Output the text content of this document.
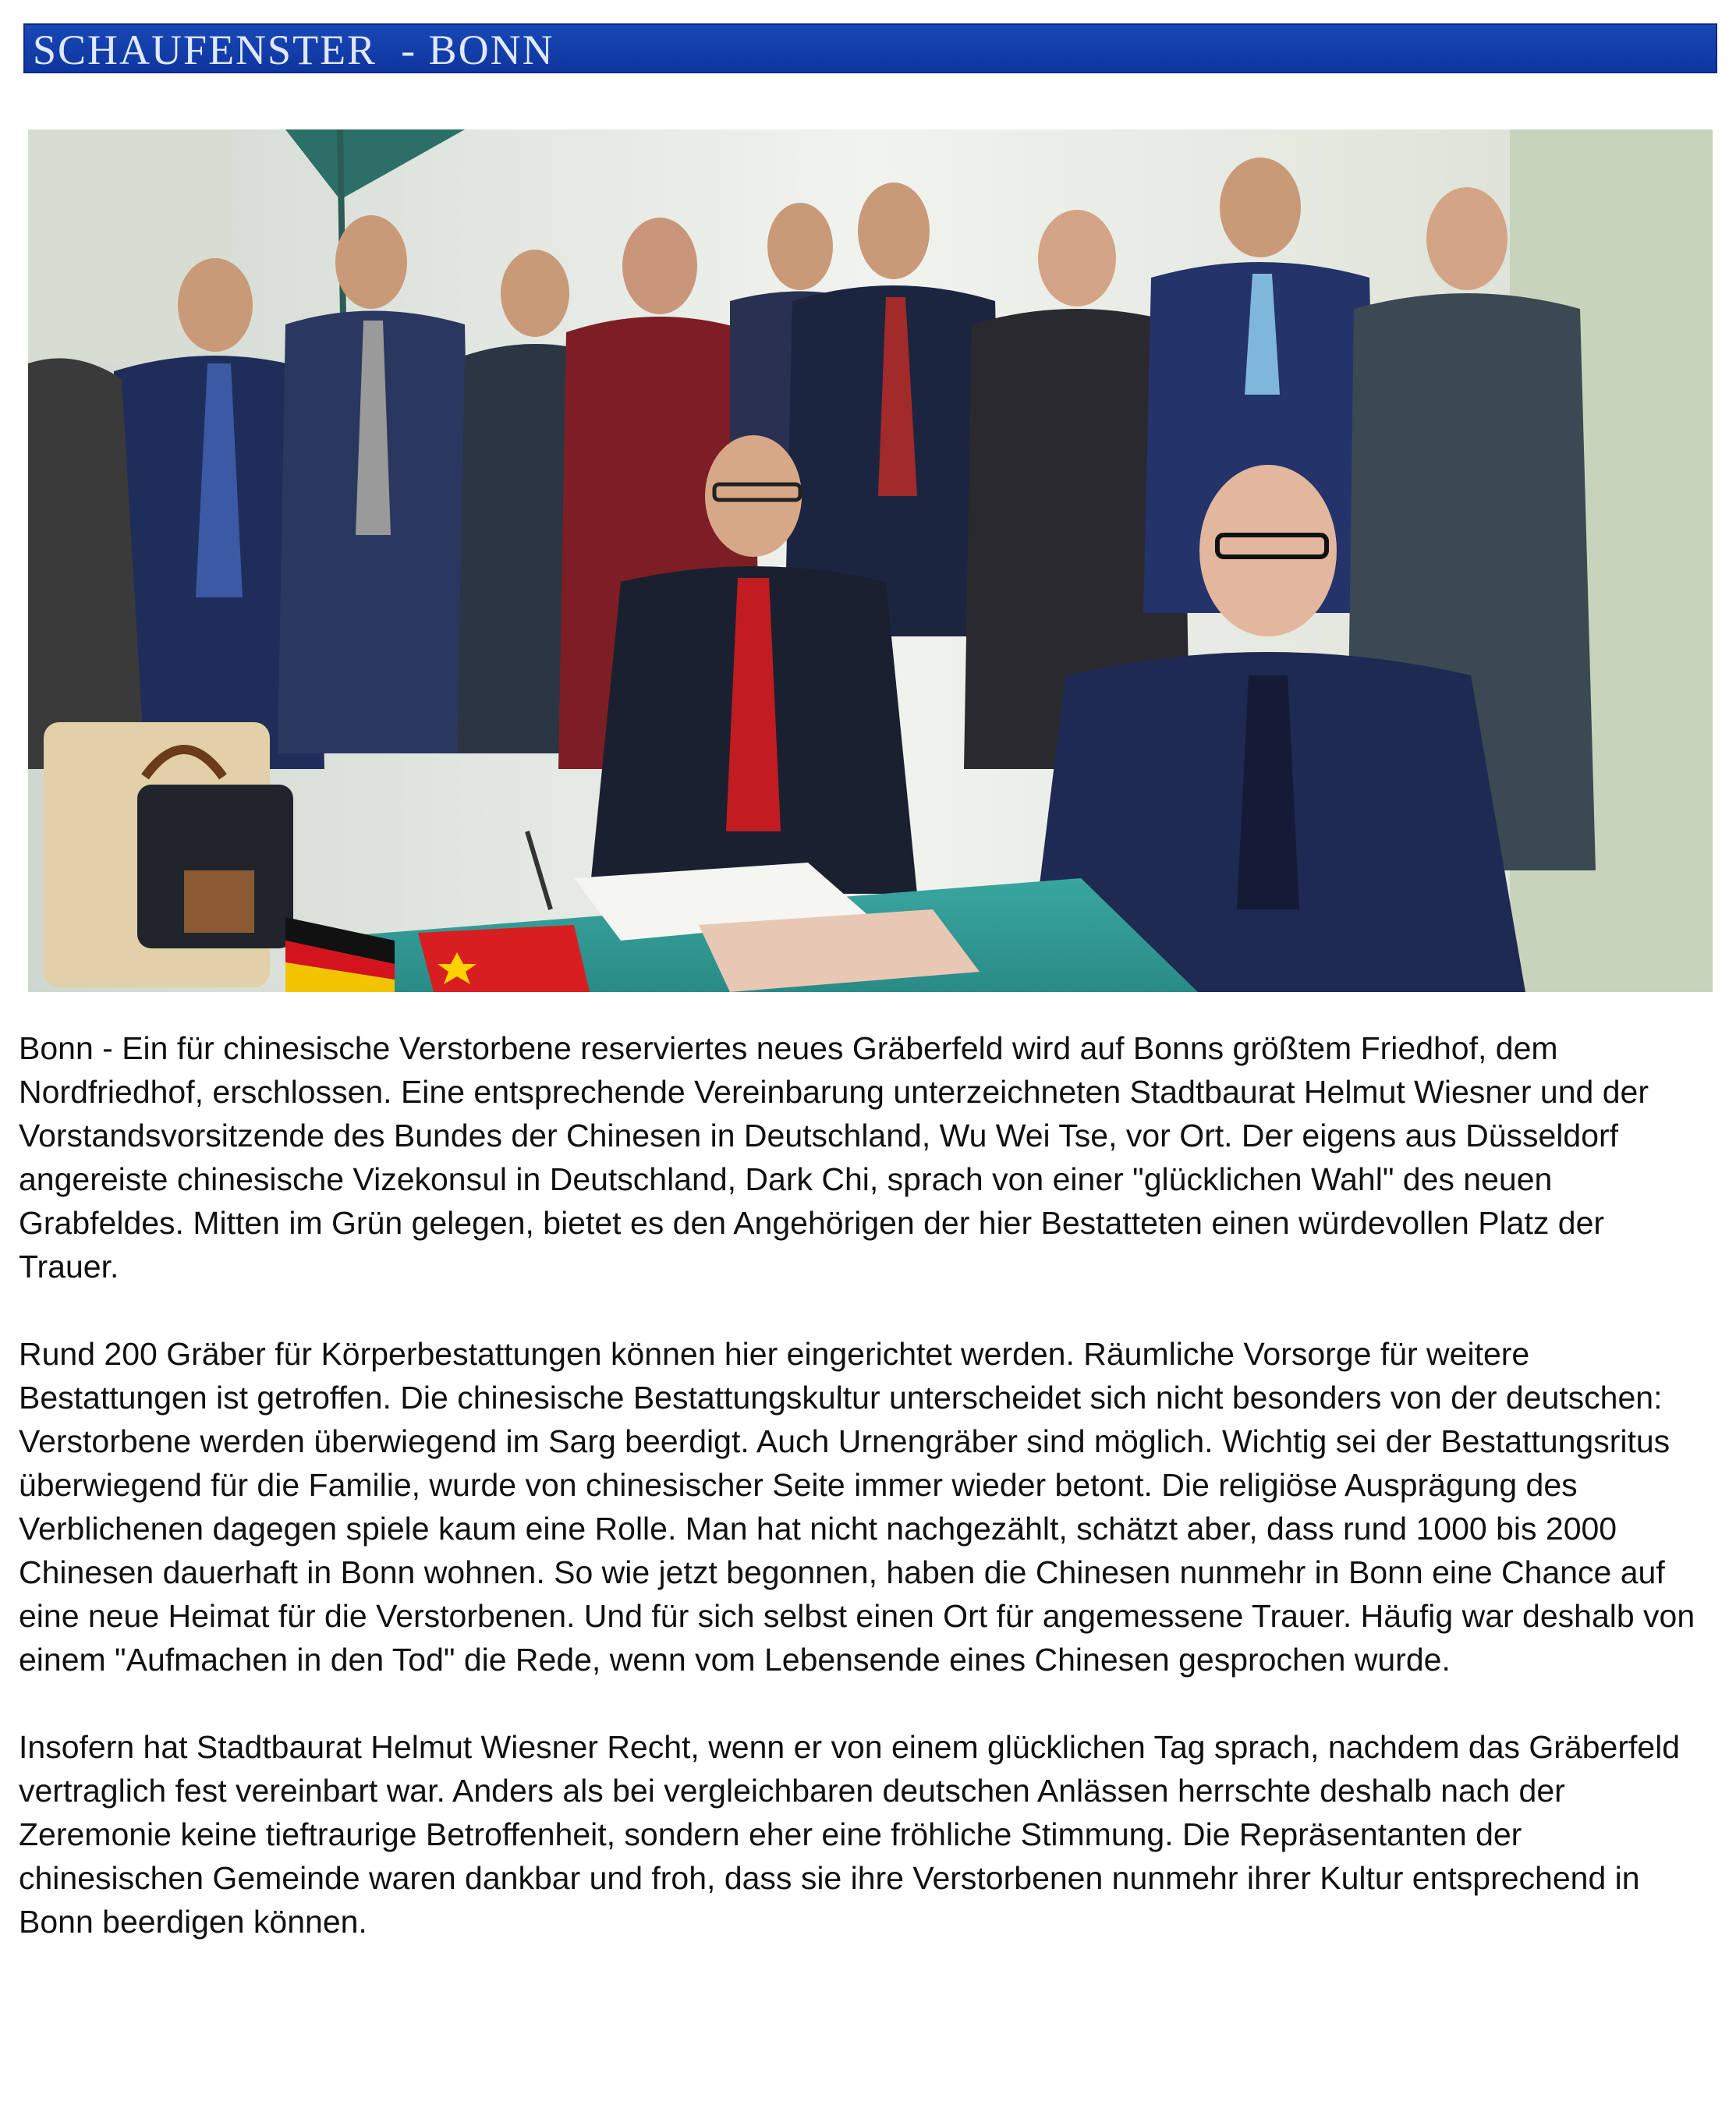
SCHAUFENSTER  - BONN

Bonn - Ein für chinesische Verstorbene reserviertes neues Gräberfeld wird auf Bonns größtem Friedhof, dem Nordfriedhof, erschlossen. Eine entsprechende Vereinbarung unterzeichneten Stadtbaurat Helmut Wiesner und der Vorstandsvorsitzende des Bundes der Chinesen in Deutschland, Wu Wei Tse, vor Ort. Der eigens aus Düsseldorf angereiste chinesische Vizekonsul in Deutschland, Dark Chi, sprach von einer "glücklichen Wahl" des neuen Grabfeldes. Mitten im Grün gelegen, bietet es den Angehörigen der hier Bestatteten einen würdevollen Platz der Trauer.

Rund 200 Gräber für Körperbestattungen können hier eingerichtet werden. Räumliche Vorsorge für weitere Bestattungen ist getroffen. Die chinesische Bestattungskultur unterscheidet sich nicht besonders von der deutschen: Verstorbene werden überwiegend im Sarg beerdigt. Auch Urnengräber sind möglich. Wichtig sei der Bestattungsritus überwiegend für die Familie, wurde von chinesischer Seite immer wieder betont. Die religiöse Ausprägung des Verblichenen dagegen spiele kaum eine Rolle. Man hat nicht nachgezählt, schätzt aber, dass rund 1000 bis 2000 Chinesen dauerhaft in Bonn wohnen. So wie jetzt begonnen, haben die Chinesen nunmehr in Bonn eine Chance auf eine neue Heimat für die Verstorbenen. Und für sich selbst einen Ort für angemessene Trauer. Häufig war deshalb von einem "Aufmachen in den Tod" die Rede, wenn vom Lebensende eines Chinesen gesprochen wurde.

Insofern hat Stadtbaurat Helmut Wiesner Recht, wenn er von einem glücklichen Tag sprach, nachdem das Gräberfeld vertraglich fest vereinbart war. Anders als bei vergleichbaren deutschen Anlässen herrschte deshalb nach der Zeremonie keine tieftraurige Betroffenheit, sondern eher eine fröhliche Stimmung. Die Repräsentanten der chinesischen Gemeinde waren dankbar und froh, dass sie ihre Verstorbenen nunmehr ihrer Kultur entsprechend in Bonn beerdigen können.
